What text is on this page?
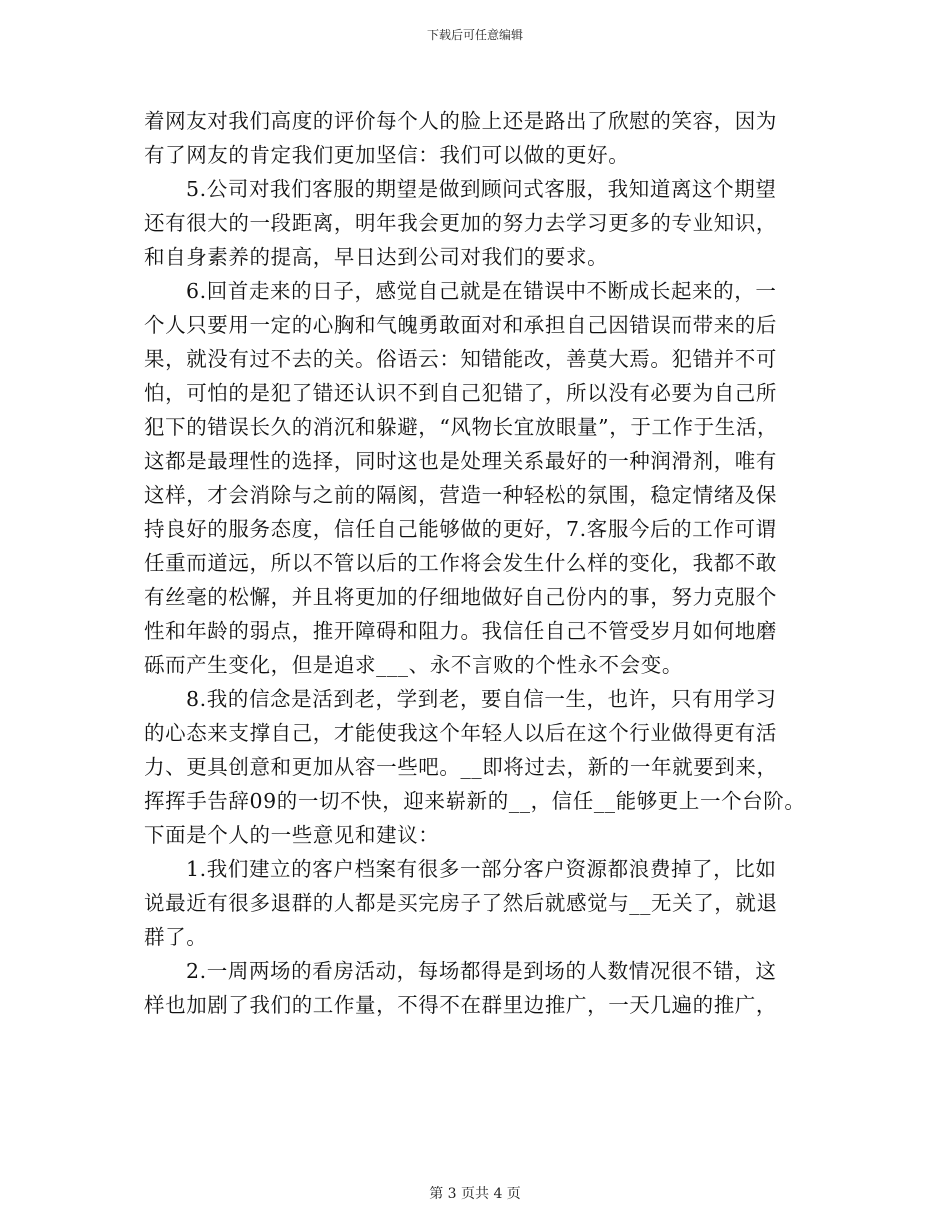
下载后可任意编辑
着网友对我们高度的评价每个人的脸上还是路出了欣慰的笑容，因为
有了网友的肯定我们更加坚信：我们可以做的更好。
5.公司对我们客服的期望是做到顾问式客服，我知道离这个期望
还有很大的一段距离，明年我会更加的努力去学习更多的专业知识，
和自身素养的提高，早日达到公司对我们的要求。
6.回首走来的日子，感觉自己就是在错误中不断成长起来的，一
个人只要用一定的心胸和气魄勇敢面对和承担自己因错误而带来的后
果，就没有过不去的关。俗语云：知错能改，善莫大焉。犯错并不可
怕，可怕的是犯了错还认识不到自己犯错了，所以没有必要为自己所
犯下的错误长久的消沉和躲避，“风物长宜放眼量”，于工作于生活，
这都是最理性的选择，同时这也是处理关系最好的一种润滑剂，唯有
这样，才会消除与之前的隔阂，营造一种轻松的氛围，稳定情绪及保
持良好的服务态度，信任自己能够做的更好，7.客服今后的工作可谓
任重而道远，所以不管以后的工作将会发生什么样的变化，我都不敢
有丝毫的松懈，并且将更加的仔细地做好自己份内的事，努力克服个
性和年龄的弱点，推开障碍和阻力。我信任自己不管受岁月如何地磨
砾而产生变化，但是追求___、永不言败的个性永不会变。
8.我的信念是活到老，学到老，要自信一生，也许，只有用学习
的心态来支撑自己，才能使我这个年轻人以后在这个行业做得更有活
力、更具创意和更加从容一些吧。__即将过去，新的一年就要到来，
挥挥手告辞09的一切不快，迎来崭新的__，信任__能够更上一个台阶。
下面是个人的一些意见和建议：
1.我们建立的客户档案有很多一部分客户资源都浪费掉了，比如
说最近有很多退群的人都是买完房子了然后就感觉与__无关了，就退
群了。
2.一周两场的看房活动，每场都得是到场的人数情况很不错，这
样也加剧了我们的工作量，不得不在群里边推广，一天几遍的推广，
第 3 页共 4 页
